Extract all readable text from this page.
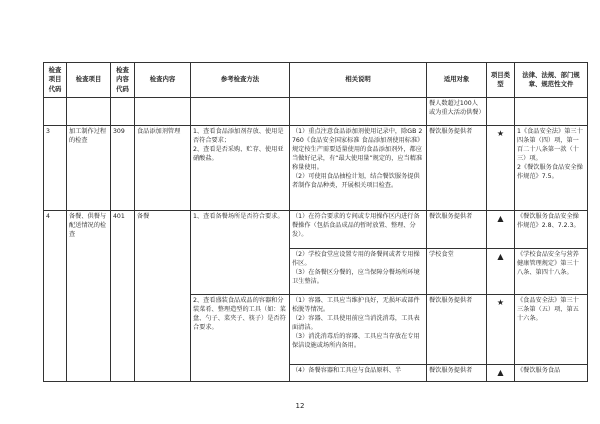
检查项目代码	检查项目	检查内容代码	检查内容	参考检查方法	相关说明	适用对象	项目类型	法律、法规、部门规章、规范性文件
						餐人数超过100人或为重大活动供餐）		
3	加工制作过程的检查	309	食品添加剂管理	1、查看食品添加剂存放、使用是否符合要求；
2、查看是否采购、贮存、使用亚硝酸盐。	（1）重点注意食品添加剂使用记录中，除GB 2760《食品安全国家标准 食品添加剂使用标准》规定按生产需要适量使用的食品添加剂外，都应当做好记录，有“最大使用量”规定的，应当精准称量使用。
（2）可使用食品抽检计划，结合餐饮服务提供者制作食品种类，开展相关项目检查。	餐饮服务提供者	★	1《食品安全法》第三十四条第（四）项，第一百二十八条第一款（十三）项。
2《餐饮服务食品安全操作规范》7.5。
4	备餐、供餐与配送情况的检查	401	备餐	1、查看备餐场所是否符合要求。	（1）在符合要求的专间或专用操作区内进行备餐操作（包括食品成品的暂时放置、整理、分发）。	餐饮服务提供者	▲	《餐饮服务食品安全操作规范》2.8、7.2.3。
					（2）学校食堂应设置专用的备餐间或者专用操作区。
（3）在备餐区分餐的，应当保障分餐场所环境卫生整洁。	学校食堂	▲	《学校食品安全与营养健康管理规定》第三十八条、第四十八条。
				2、查看盛装食品成品的容器和分装菜肴、整理造型的工具（如：菜盘、勺子、菜夹子、筷子）是否符合要求。	（1）容器、工具应当维护良好，无损坏或部件松脱等情况。
（2）容器、工具使用前应当消洗消毒，工具表面清洁。
（3）消洗消毒后的容器、工具应当存放在专用保洁设施或场所内备用。	餐饮服务提供者	★	《食品安全法》第三十三条第（五）项、第五十六条。
					（4）备餐容器和工具应与食品原料、半	餐饮服务提供者	▲	《餐饮服务食品
12
